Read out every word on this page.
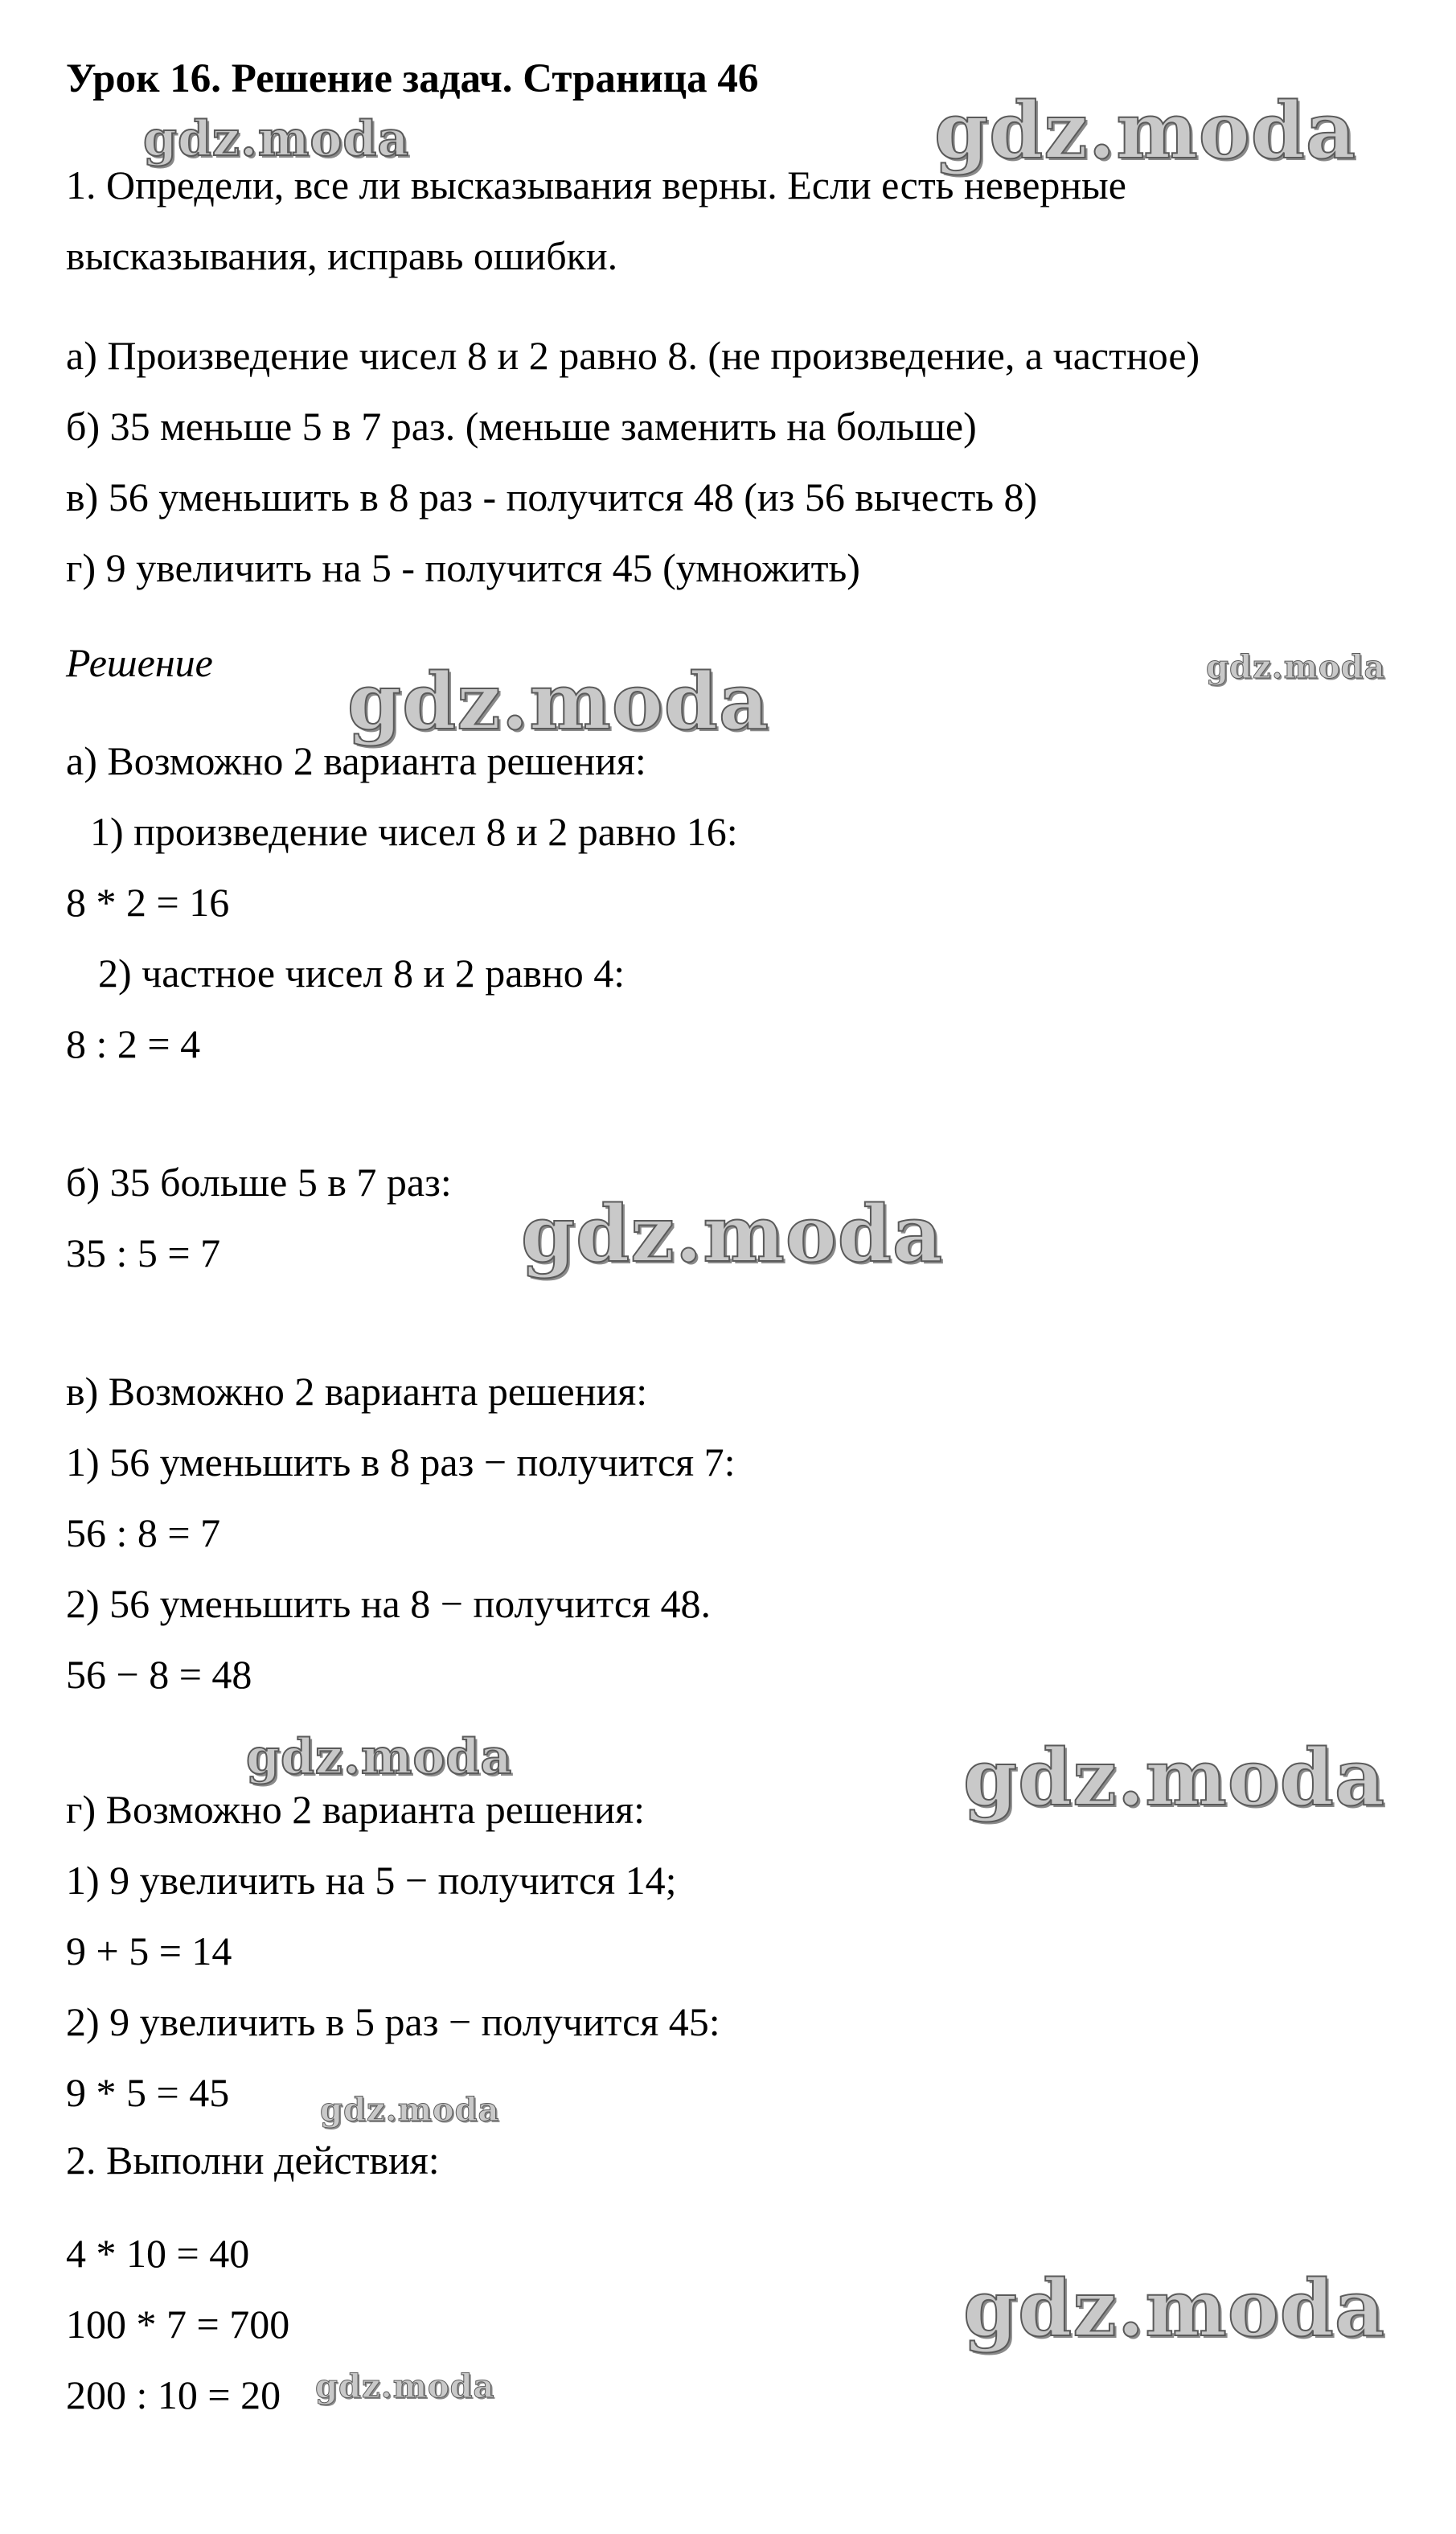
Урок 16. Решение задач. Страница 46
1. Определи, все ли высказывания верны. Если есть неверные
высказывания, исправь ошибки.
а) Произведение чисел 8 и 2 равно 8. (не произведение, а частное)
б) 35 меньше 5 в 7 раз. (меньше заменить на больше)
в) 56 уменьшить в 8 раз - получится 48 (из 56 вычесть 8)
г) 9 увеличить на 5 - получится 45 (умножить)
Решение
а) Возможно 2 варианта решения:
1) произведение чисел 8 и 2 равно 16:
8 * 2 = 16
2) частное чисел 8 и 2 равно 4:
8 : 2 = 4
б) 35 больше 5 в 7 раз:
35 : 5 = 7
в) Возможно 2 варианта решения:
1) 56 уменьшить в 8 раз − получится 7:
56 : 8 = 7
2) 56 уменьшить на 8 − получится 48.
56 − 8 = 48
г) Возможно 2 варианта решения:
1) 9 увеличить на 5 − получится 14;
9 + 5 = 14
2) 9 увеличить в 5 раз − получится 45:
9 * 5 = 45
2. Выполни действия:
4 * 10 = 40
100 * 7 = 700
200 : 10 = 20
gdz.moda	gdz.moda
gdz.moda	gdz.moda
gdz.moda
gdz.moda	gdz.moda
gdz.moda
gdz.moda
gdz.moda
